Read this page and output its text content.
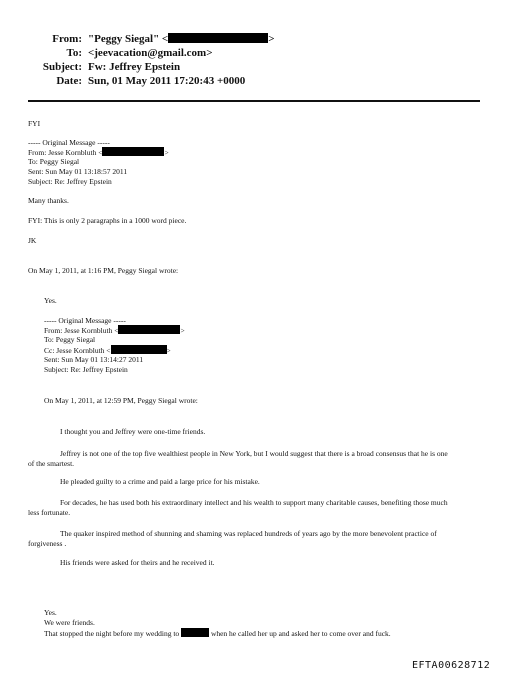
From: "Peggy Siegal" <	>
To: <jeevacation@gmail.com>
Subject: Fw: Jeffrey Epstein
Date: Sun, 01 May 2011 17:20:43 +0000
FYI
----- Original Message -----
From: Jesse Kornbluth <	>
To: Peggy Siegal
Sent: Sun May 01 13:18:57 2011
Subject: Re: Jeffrey Epstein
Many thanks.
FYI: This is only 2 paragraphs in a 1000 word piece.
JK
On May 1, 2011, at 1:16 PM, Peggy Siegal wrote:
Yes.
----- Original Message -----
From: Jesse Kornbluth <	>
To: Peggy Siegal
Cc: Jesse Kornbluth <	>
Sent: Sun May 01 13:14:27 2011
Subject: Re: Jeffrey Epstein
On May 1, 2011, at 12:59 PM, Peggy Siegal wrote:
I thought you and Jeffrey were one-time friends.
Jeffrey is not one of the top five wealthiest people in New York, but I would suggest that there is a broad consensus that he is one
of the smartest.
He pleaded guilty to a crime and paid a large price for his mistake.
For decades, he has used both his extraordinary intellect and his wealth to support many charitable causes, benefiting those much
less fortunate.
The quaker inspired method of shunning and shaming was replaced hundreds of years ago by the more benevolent practice of
forgiveness .
His friends were asked for theirs and he received it.
Yes.
We were friends.
That stopped the night before my wedding to	when he called her up and asked her to come over and fuck.
EFTA00628712
